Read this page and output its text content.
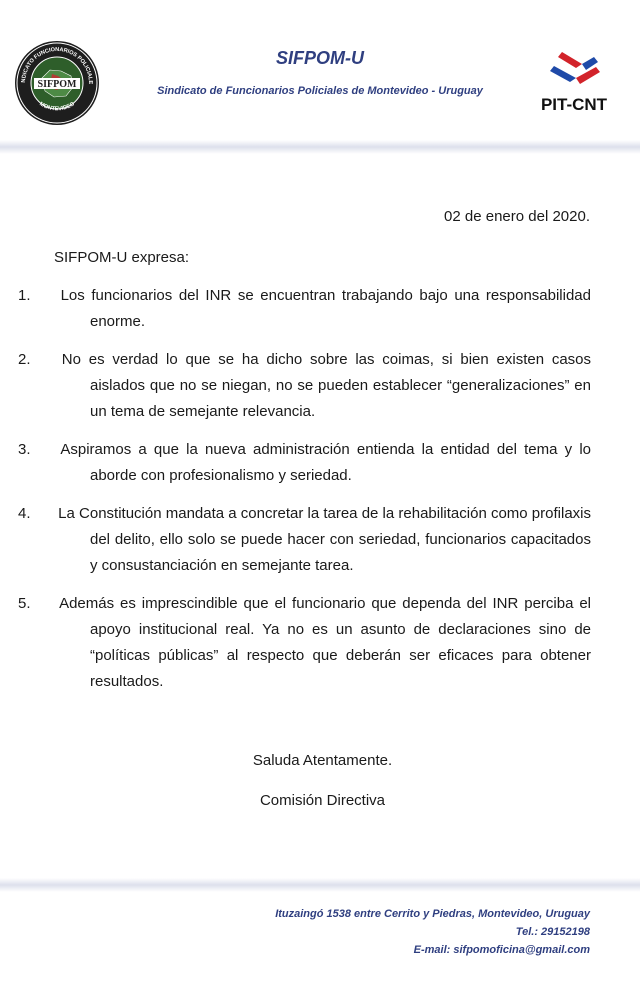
SIFPOM
NDICATO FUNCIONARIOS POLICIALE
MONTEVIDEO
SIFPOM-U
Sindicato de Funcionarios Policiales de Montevideo - Uruguay
PIT-CNT
02 de enero del 2020.
SIFPOM-U expresa:
1. Los funcionarios del INR se encuentran trabajando bajo una responsabilidad enorme.
2. No es verdad lo que se ha dicho sobre las coimas, si bien existen casos aislados que no se niegan, no se pueden establecer “generalizaciones” en un tema de semejante relevancia.
3. Aspiramos a que la nueva administración entienda la entidad del tema y lo aborde con profesionalismo y seriedad.
4. La Constitución mandata a concretar la tarea de la rehabilitación como profilaxis del delito, ello solo se puede hacer con seriedad, funcionarios capacitados y consustanciación en semejante tarea.
5. Además es imprescindible que el funcionario que dependa del INR perciba el apoyo institucional real. Ya no es un asunto de declaraciones sino de “políticas públicas” al respecto que deberán ser eficaces para obtener resultados.
Saluda Atentamente.
Comisión Directiva
Ituzaingó 1538 entre Cerrito y Piedras, Montevideo, Uruguay
Tel.: 29152198
E-mail: sifpomoficina@gmail.com
